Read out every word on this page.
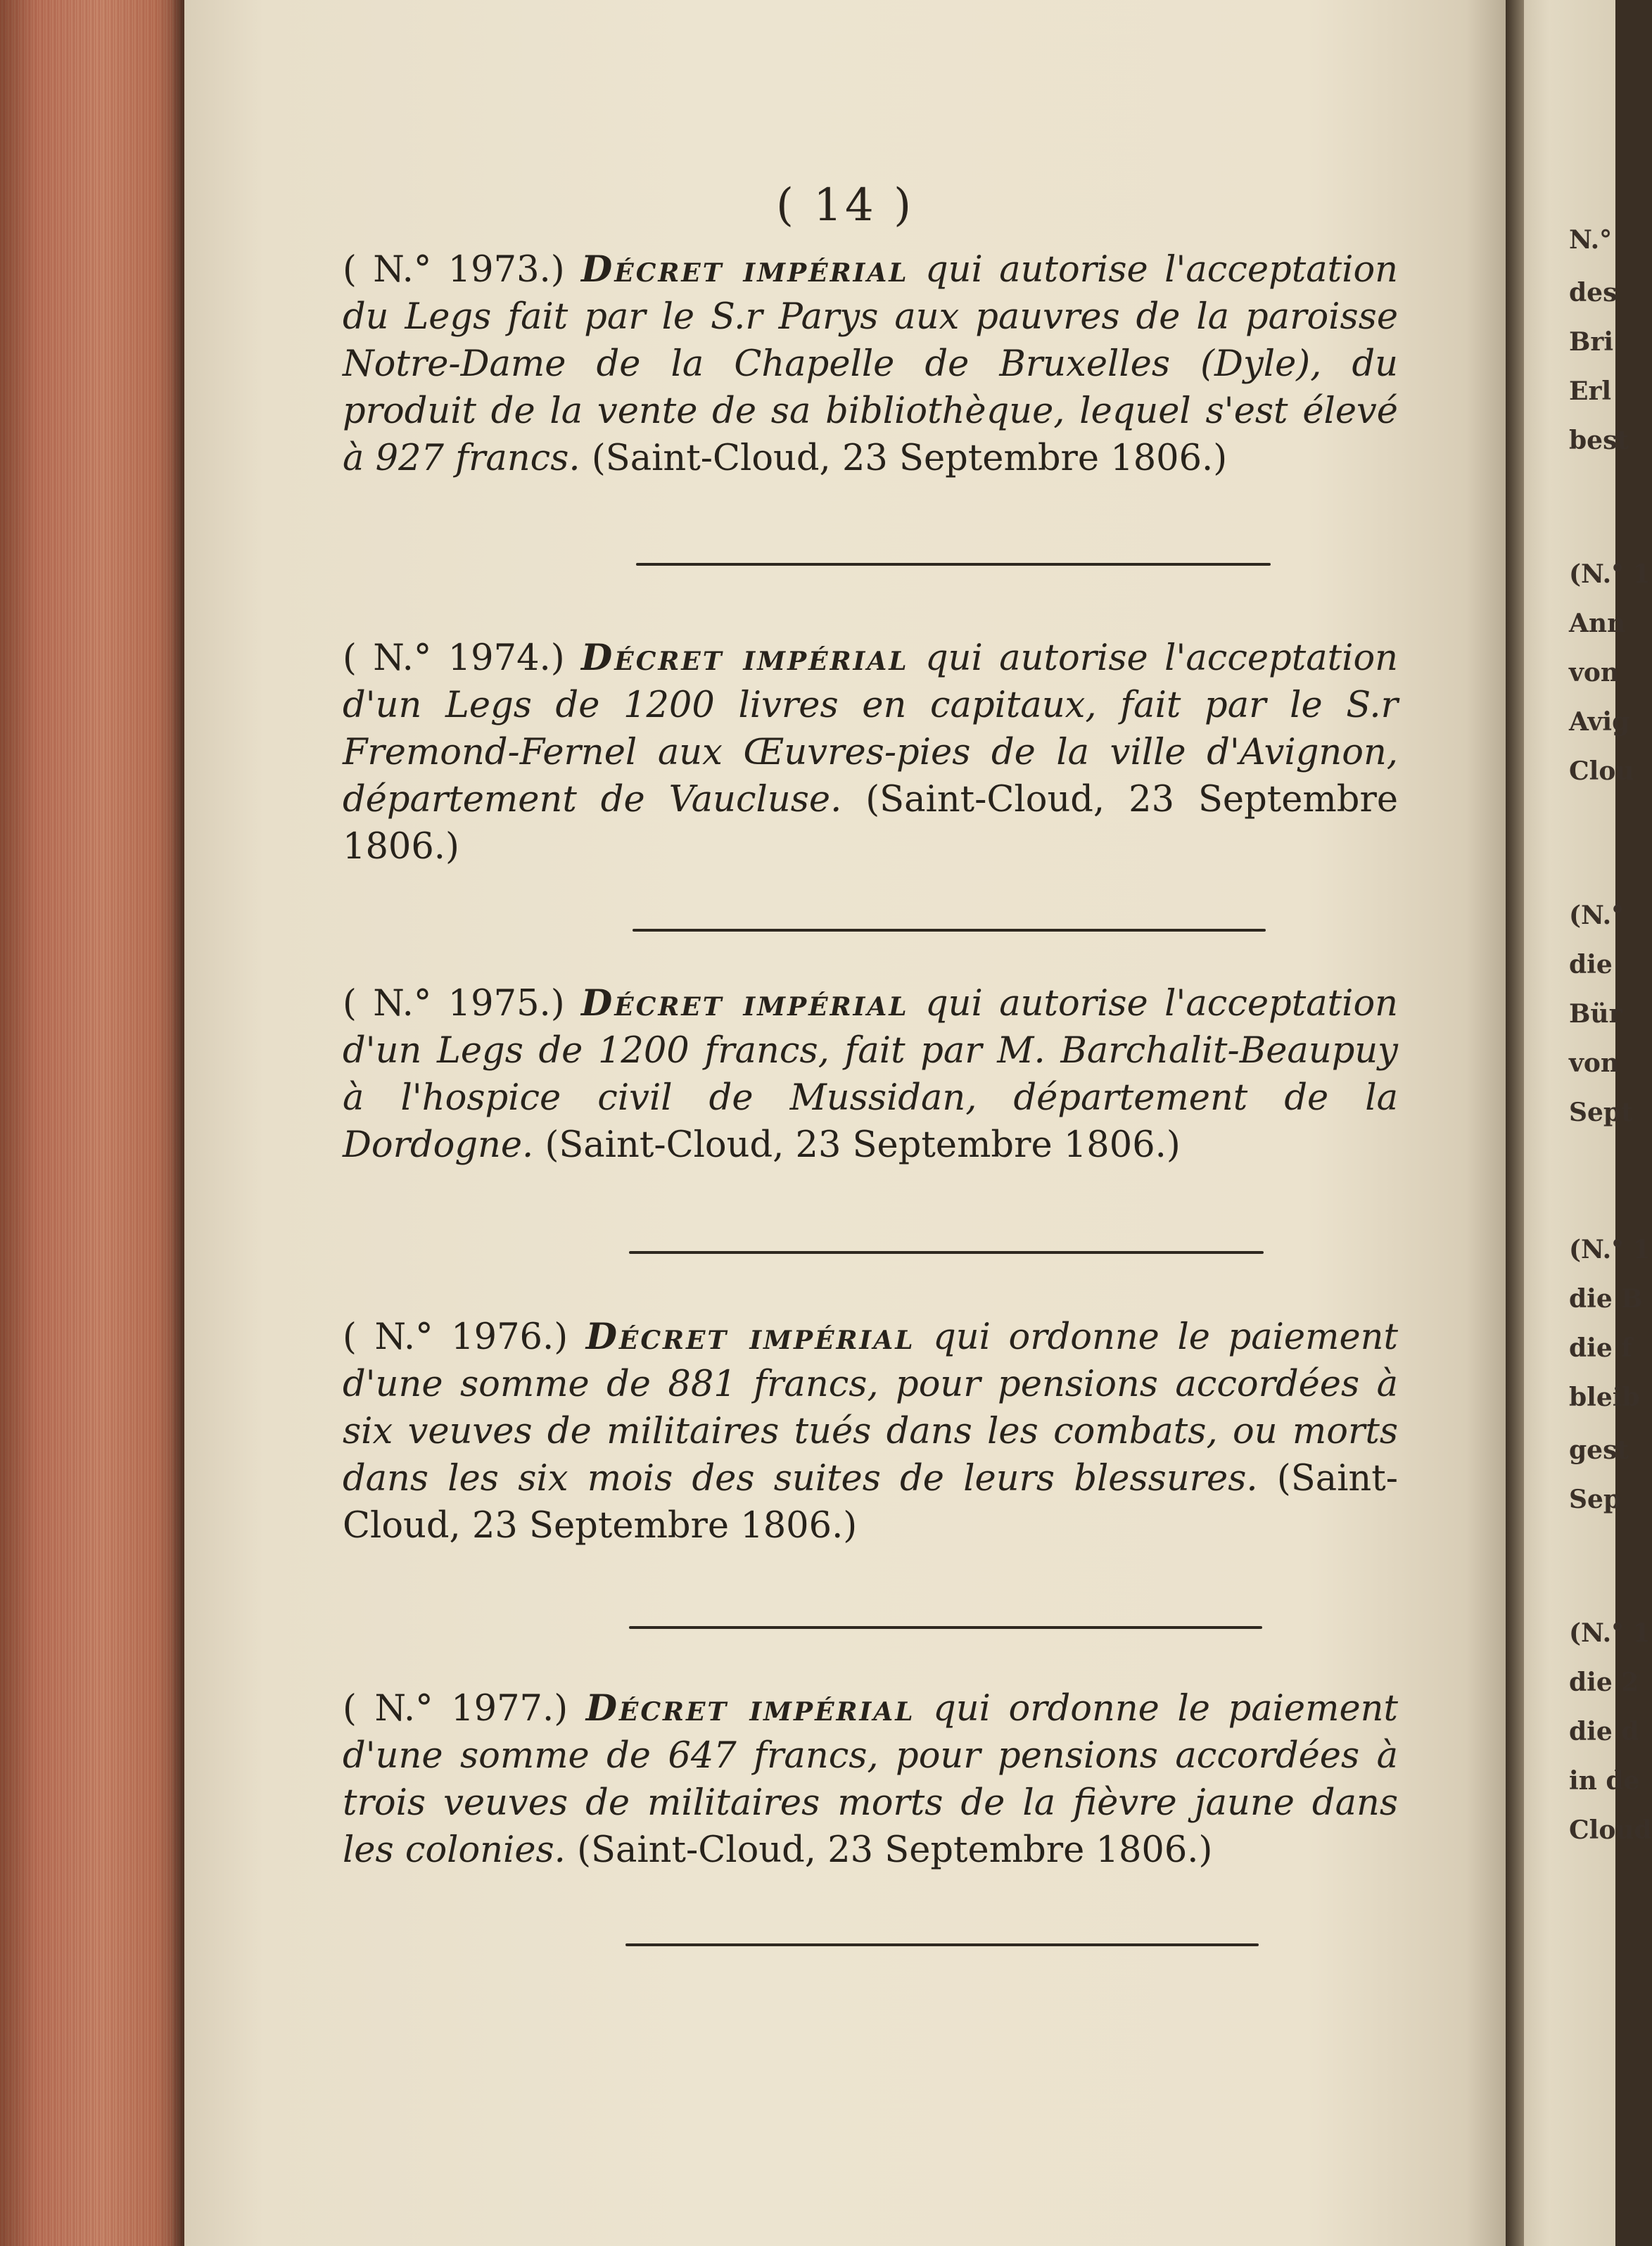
( 14 )
( N.° 1973.) Décret impérial qui autorise l'acceptation du Legs fait par le S.r Parys aux pauvres de la paroisse Notre-Dame de la Chapelle de Bruxelles (Dyle), du produit de la vente de sa bibliothèque, lequel s'est élevé à 927 francs. (Saint-Cloud, 23 Septembre 1806.)
( N.° 1974.) Décret impérial qui autorise l'acceptation d'un Legs de 1200 livres en capitaux, fait par le S.r Fremond-Fernel aux Œuvres-pies de la ville d'Avignon, département de Vaucluse. (Saint-Cloud, 23 Septembre 1806.)
( N.° 1975.) Décret impérial qui autorise l'acceptation d'un Legs de 1200 francs, fait par M. Barchalit-Beaupuy à l'hospice civil de Mussidan, département de la Dordogne. (Saint-Cloud, 23 Septembre 1806.)
( N.° 1976.) Décret impérial qui ordonne le paiement d'une somme de 881 francs, pour pensions accordées à six veuves de militaires tués dans les combats, ou morts dans les six mois des suites de leurs blessures. (Saint-Cloud, 23 Septembre 1806.)
( N.° 1977.) Décret impérial qui ordonne le paiement d'une somme de 647 francs, pour pensions accordées à trois veuves de militaires morts de la fièvre jaune dans les colonies. (Saint-Cloud, 23 Septembre 1806.)
N.°
des
Bri
Erl
best
(N.° 1
Ann
von
Avig
Clou
(N.°
die
Bür
von
Sept
(N.° 1
die B
die f
bleib
gest
Sep
(N.° 1
die 2
die d
in de
Cloud
